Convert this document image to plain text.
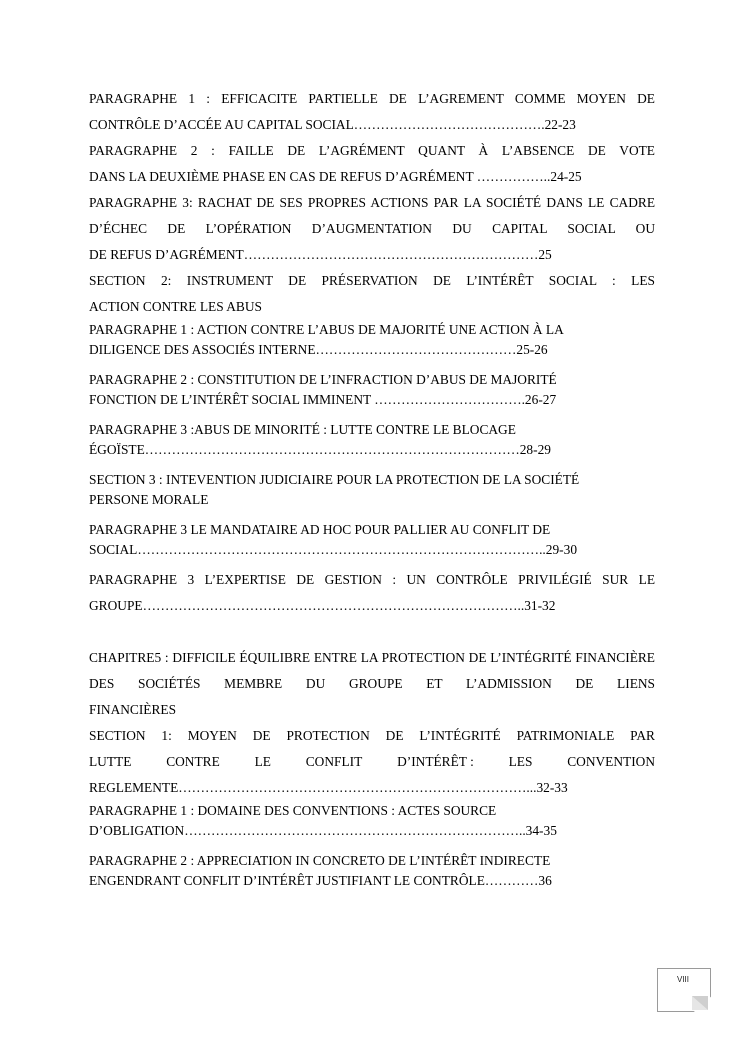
PARAGRAPHE 1 : EFFICACITE PARTIELLE DE L’AGREMENT COMME MOYEN DE
CONTRÔLE D’ACCÉE AU CAPITAL SOCIAL…………………………………….22-23

PARAGRAPHE 2 : FAILLE DE L’AGRÉMENT QUANT À L’ABSENCE DE VOTE
DANS LA DEUXIÈME PHASE EN CAS DE REFUS D’AGRÉMENT ……………..24-25

PARAGRAPHE 3: RACHAT DE SES PROPRES ACTIONS PAR LA SOCIÉTÉ DANS LE CADRE D’ÉCHEC DE L’OPÉRATION D’AUGMENTATION DU CAPITAL SOCIAL OU
DE REFUS D’AGRÉMENT…………………………………………………………25

SECTION 2: INSTRUMENT DE PRÉSERVATION DE L’INTÉRÊT SOCIAL : LES
ACTION CONTRE LES ABUS

PARAGRAPHE 1 : ACTION CONTRE L’ABUS DE MAJORITÉ UNE ACTION À LA
DILIGENCE DES ASSOCIÉS INTERNE………………………………………25-26

PARAGRAPHE 2 : CONSTITUTION DE L’INFRACTION D’ABUS DE MAJORITÉ
FONCTION DE L’INTÉRÊT SOCIAL IMMINENT …………………………….26-27

PARAGRAPHE 3 :ABUS DE MINORITÉ : LUTTE CONTRE LE BLOCAGE
ÉGOÏSTE…………………………………………………………………………28-29

SECTION 3 : INTEVENTION JUDICIAIRE POUR LA PROTECTION DE LA SOCIÉTÉ
PERSONE MORALE

PARAGRAPHE 3 LE MANDATAIRE AD HOC POUR PALLIER AU CONFLIT DE
SOCIAL………………………………………………………………………………..29-30

PARAGRAPHE 3 L’EXPERTISE DE GESTION : UN CONTRÔLE PRIVILÉGIÉ SUR LE
GROUPE…………………………………………………………………………..31-32

CHAPITRE5 : DIFFICILE ÉQUILIBRE ENTRE LA PROTECTION DE L’INTÉGRITÉ FINANCIÈRE DES SOCIÉTÉS MEMBRE DU GROUPE ET L’ADMISSION DE LIENS
FINANCIÈRES

SECTION 1: MOYEN DE PROTECTION DE L’INTÉGRITÉ PATRIMONIALE PAR

LUTTE	CONTRE	LE	CONFLIT	D’INTÉRÊT :	LES	CONVENTION

REGLEMENTE……………………………………………………………………...32-33

PARAGRAPHE 1 : DOMAINE DES CONVENTIONS : ACTES SOURCE
D’OBLIGATION…………………………………………………………………..34-35

PARAGRAPHE 2 : APPRECIATION IN CONCRETO DE L’INTÉRÊT INDIRECTE
ENGENDRANT CONFLIT D’INTÉRÊT JUSTIFIANT LE CONTRÔLE…………36

VIII
